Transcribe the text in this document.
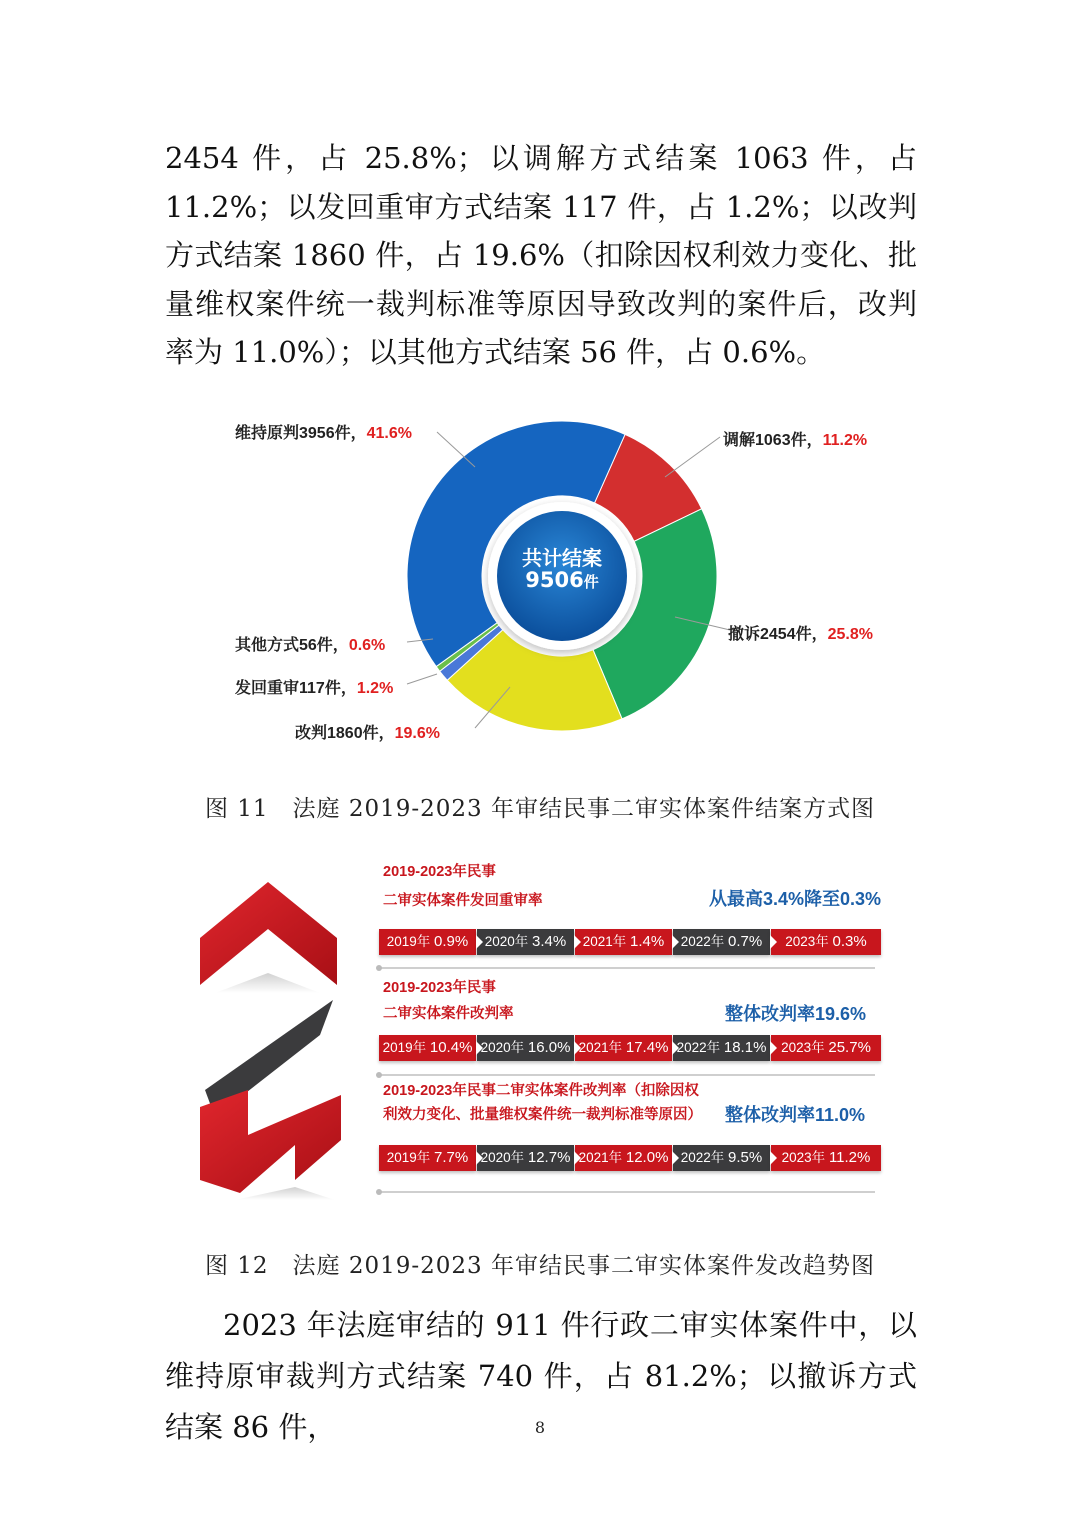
2454 件，占 25.8%；以调解方式结案 1063 件，占 11.2%；以发回重审方式结案 117 件，占 1.2%；以改判方式结案 1860 件，占 19.6%（扣除因权利效力变化、批量维权案件统一裁判标准等原因导致改判的案件后，改判率为 11.0%）；以其他方式结案 56 件，占 0.6%。

共计结案
9506件
维持原判3956件，41.6%	调解1063件，11.2%
撤诉2454件，25.8%
改判1860件，19.6%
发回重审117件，1.2%
其他方式56件，0.6%
图 11　法庭 2019-2023 年审结民事二审实体案件结案方式图
2019-2023年民事
二审实体案件发回重审率	从最高3.4%降至0.3%
2019年 0.9%	2020年 3.4%	2021年 1.4%	2022年 0.7%	2023年 0.3%
2019-2023年民事
二审实体案件改判率	整体改判率19.6%
2019年 10.4% 2020年 16.0% 2021年 17.4% 2022年 18.1%	2023年 25.7%
2019-2023年民事二审实体案件改判率（扣除因权
利效力变化、批量维权案件统一裁判标准等原因） 整体改判率11.0%
2019年 7.7% 2020年 12.7% 2021年 12.0% 2022年 9.5%	2023年 11.2%
图 12　法庭 2019-2023 年审结民事二审实体案件发改趋势图

2023 年法庭审结的 911 件行政二审实体案件中，以维持原审裁判方式结案 740 件，占 81.2%；以撤诉方式结案 86 件，	8
